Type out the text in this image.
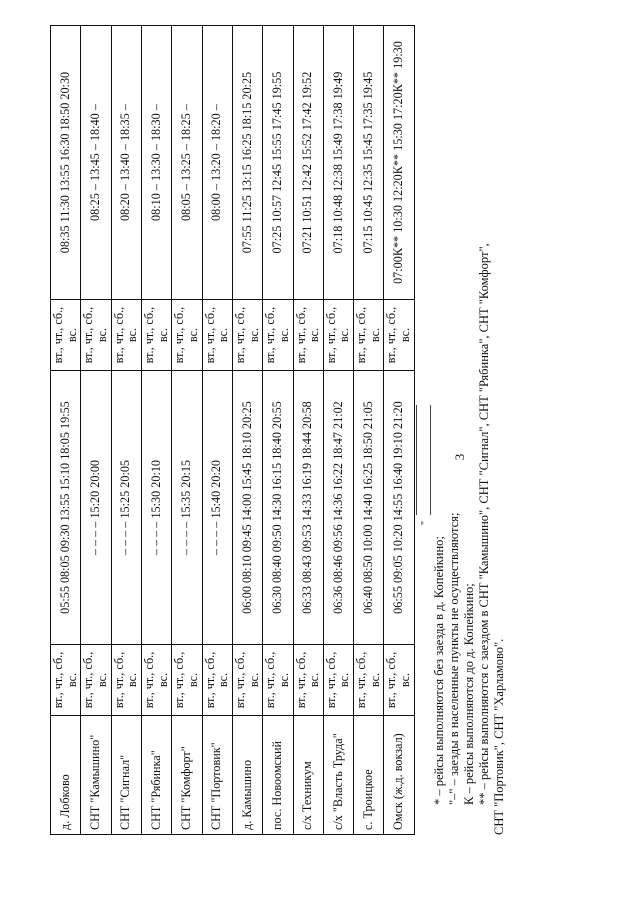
3
д. Лобково	вт., чт., сб., вс.	05:55 08:05 09:30 13:55 15:10 18:05 19:55	вт., чт., сб., вс.	08:35 11:30 13:55 16:30 18:50 20:30
СНТ "Камышино"	вт., чт., сб., вс.	– – – – 15:20 20:00	вт., чт., сб., вс.	08:25 – 13:45 – 18:40 –
СНТ "Сигнал"	вт., чт., сб., вс.	– – – – 15:25 20:05	вт., чт., сб., вс.	08:20 – 13:40 – 18:35 –
СНТ "Рябинка"	вт., чт., сб., вс.	– – – – 15:30 20:10	вт., чт., сб., вс.	08:10 – 13:30 – 18:30 –
СНТ "Комфорт"	вт., чт., сб., вс.	– – – – 15:35 20:15	вт., чт., сб., вс.	08:05 – 13:25 – 18:25 –
СНТ "Портовик"	вт., чт., сб., вс.	– – – – 15:40 20:20	вт., чт., сб., вс.	08:00 – 13:20 – 18:20 –
д. Камышино	вт., чт., сб., вс.	06:00 08:10 09:45 14:00 15:45 18:10 20:25	вт., чт., сб., вс.	07:55 11:25 13:15 16:25 18:15 20:25
пос. Новоомский	вт., чт., сб., вс.	06:30 08:40 09:50 14:30 16:15 18:40 20:55	вт., чт., сб., вс.	07:25 10:57 12:45 15:55 17:45 19:55
с/х Техникум	вт., чт., сб., вс.	06:33 08:43 09:53 14:33 16:19 18:44 20:58	вт., чт., сб., вс.	07:21 10:51 12:42 15:52 17:42 19:52
с/х "Власть Труда"	вт., чт., сб., вс.	06:36 08:46 09:56 14:36 16:22 18:47 21:02	вт., чт., сб., вс.	07:18 10:48 12:38 15:49 17:38 19:49
с. Троицкое	вт., чт., сб., вс.	06:40 08:50 10:00 14:40 16:25 18:50 21:05	вт., чт., сб., вс.	07:15 10:45 12:35 15:45 17:35 19:45
Омск (ж.д. вокзал)	вт., чт., сб., вс.	06:55 09:05 10:20 14:55 16:40 19:10 21:20	вт., чт., сб., вс.	07:00К** 10:30 12:20К** 15:30 17:20К** 19:30
"
* – рейсы выполняются без заезда в д. Копейкино; "–" – заезды в населенные пункты не осуществляются; К – рейсы выполняются до д. Копейкино; ** – рейсы выполняются с заездом в СНТ "Камышино", СНТ "Сигнал", СНТ "Рябинка", СНТ "Комфорт", СНТ "Портовик", СНТ "Харламово".
